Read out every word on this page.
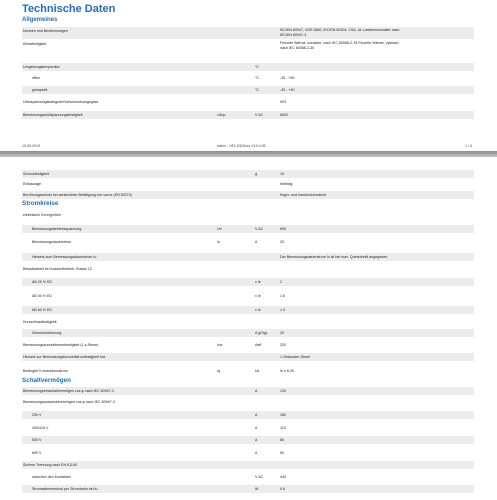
Technische Daten
Allgemeines
Normen und Bestimmungen	IEC/EN 60947, VDE 0660, IEC/EN 60204, CSA, UL Lasttrennschalter nach IEC/EN 60947-3
Klimafestigkeit	Feuchte Wärme, konstant, nach IEC 60068-2-78 Feuchte Wärme, zyklisch, nach IEC 60068-2-30
Umgebungstemperatur	°C
offen	°C	-25 - +50
gekapselt	°C	-25 - +40
Überspannungskategorie/Verschmutzungsgrad	III/3
Bemessungsstoßspannungsfestigkeit	Uimp	V AC	6000
15.05.2019	eaton - HFL-63/3/ors V13.0.06	1 / 5
Schockfestigkeit	g	15
Einbaulage	beliebig
Berührungsschutz bei senkrechter Betätigung von vorne (EN 50274)	finger- und handrückensicher
Stromkreise
elektrische Kenngrößen
Bemessungsbetriebsspannung	Ue	V AC	690
Bemessungsdauerstrom	Iu	A	20
Hinweis zum Bemessungsdauerstrom Iu	Der Bemessungsdauerstrom Iu ist bei max. Querschnitt angegeben.
Belastbarkeit bei Aussetzbetrieb, Klasse 12
AB 25 % ED	x Ie	2
AB 40 % ED	x Ie	1.6
AB 60 % ED	x Ie	1.3
Kurzschlussfestigkeit
Schmelzsicherung	A gG/gL	20
Bemessungskurzzeitstromfestigkeit (1-s-Strom)	Icw	Aeff	320
Hinweis zur Bemessungskurzzeitstromfestigkeit Icw	1-Sekunden-Strom
Bedingter Kurzschlussstrom	Iq	kA	In ≤ 6.30
Schaltvermögen
Bemessungseinschaltvermögen cos φ nach IEC 60947-3	A	120
Bemessungsausschaltvermögen cos φ nach IEC 60947-3
230 V	A	160
400/415 V	A	110
500 V	A	80
690 V	A	50
Sichere Trennung nach EN 61140
zwischen den Kontakten	V AC	440
Stromwärmeverlust pro Strombahn bei Iu	W	0.6
